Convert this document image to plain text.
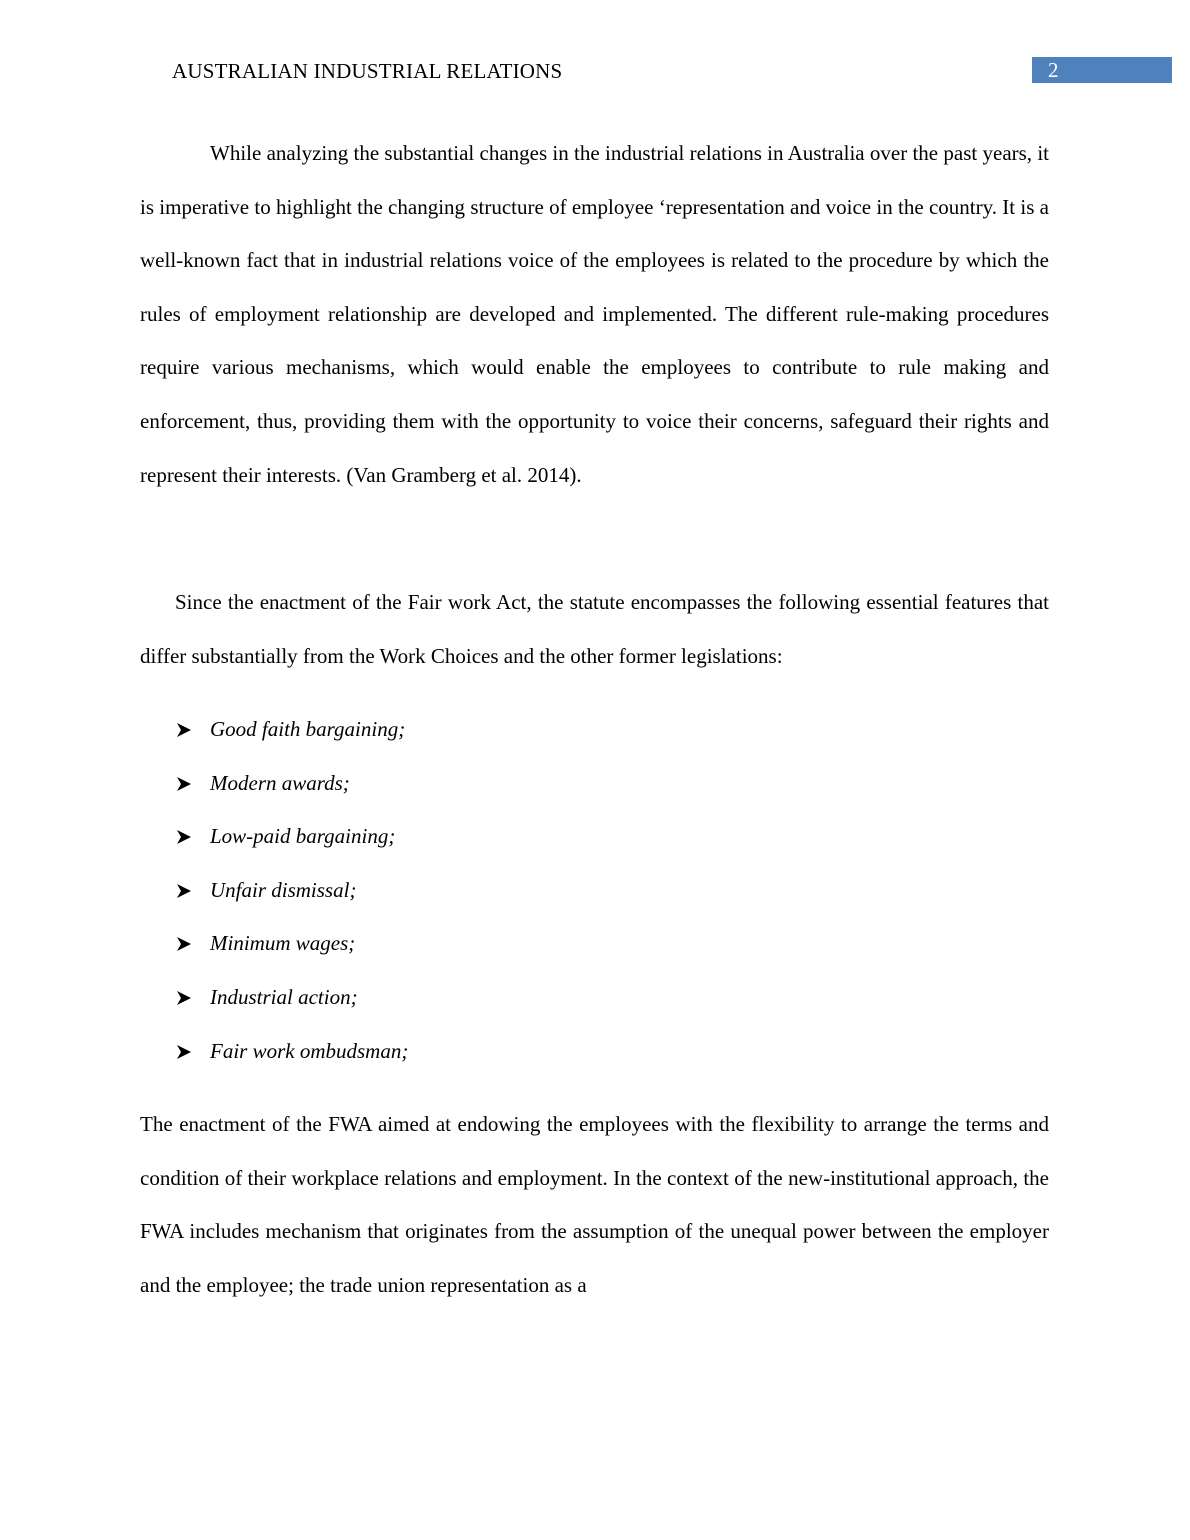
AUSTRALIAN INDUSTRIAL RELATIONS	2

While analyzing the substantial changes in the industrial relations in Australia over the past years, it is imperative to highlight the changing structure of employee ‘representation and voice in the country. It is a well-known fact that in industrial relations voice of the employees is related to the procedure by which the rules of employment relationship are developed and implemented. The different rule-making procedures require various mechanisms, which would enable the employees to contribute to rule making and enforcement, thus, providing them with the opportunity to voice their concerns, safeguard their rights and represent their interests. (Van Gramberg et al. 2014).

Since the enactment of the Fair work Act, the statute encompasses the following essential features that differ substantially from the Work Choices and the other former legislations:

Good faith bargaining;
Modern awards;
Low-paid bargaining;
Unfair dismissal;
Minimum wages;
Industrial action;
Fair work ombudsman;

The enactment of the FWA aimed at endowing the employees with the flexibility to arrange the terms and condition of their workplace relations and employment. In the context of the new-institutional approach, the FWA includes mechanism that originates from the assumption of the unequal power between the employer and the employee; the trade union representation as a
